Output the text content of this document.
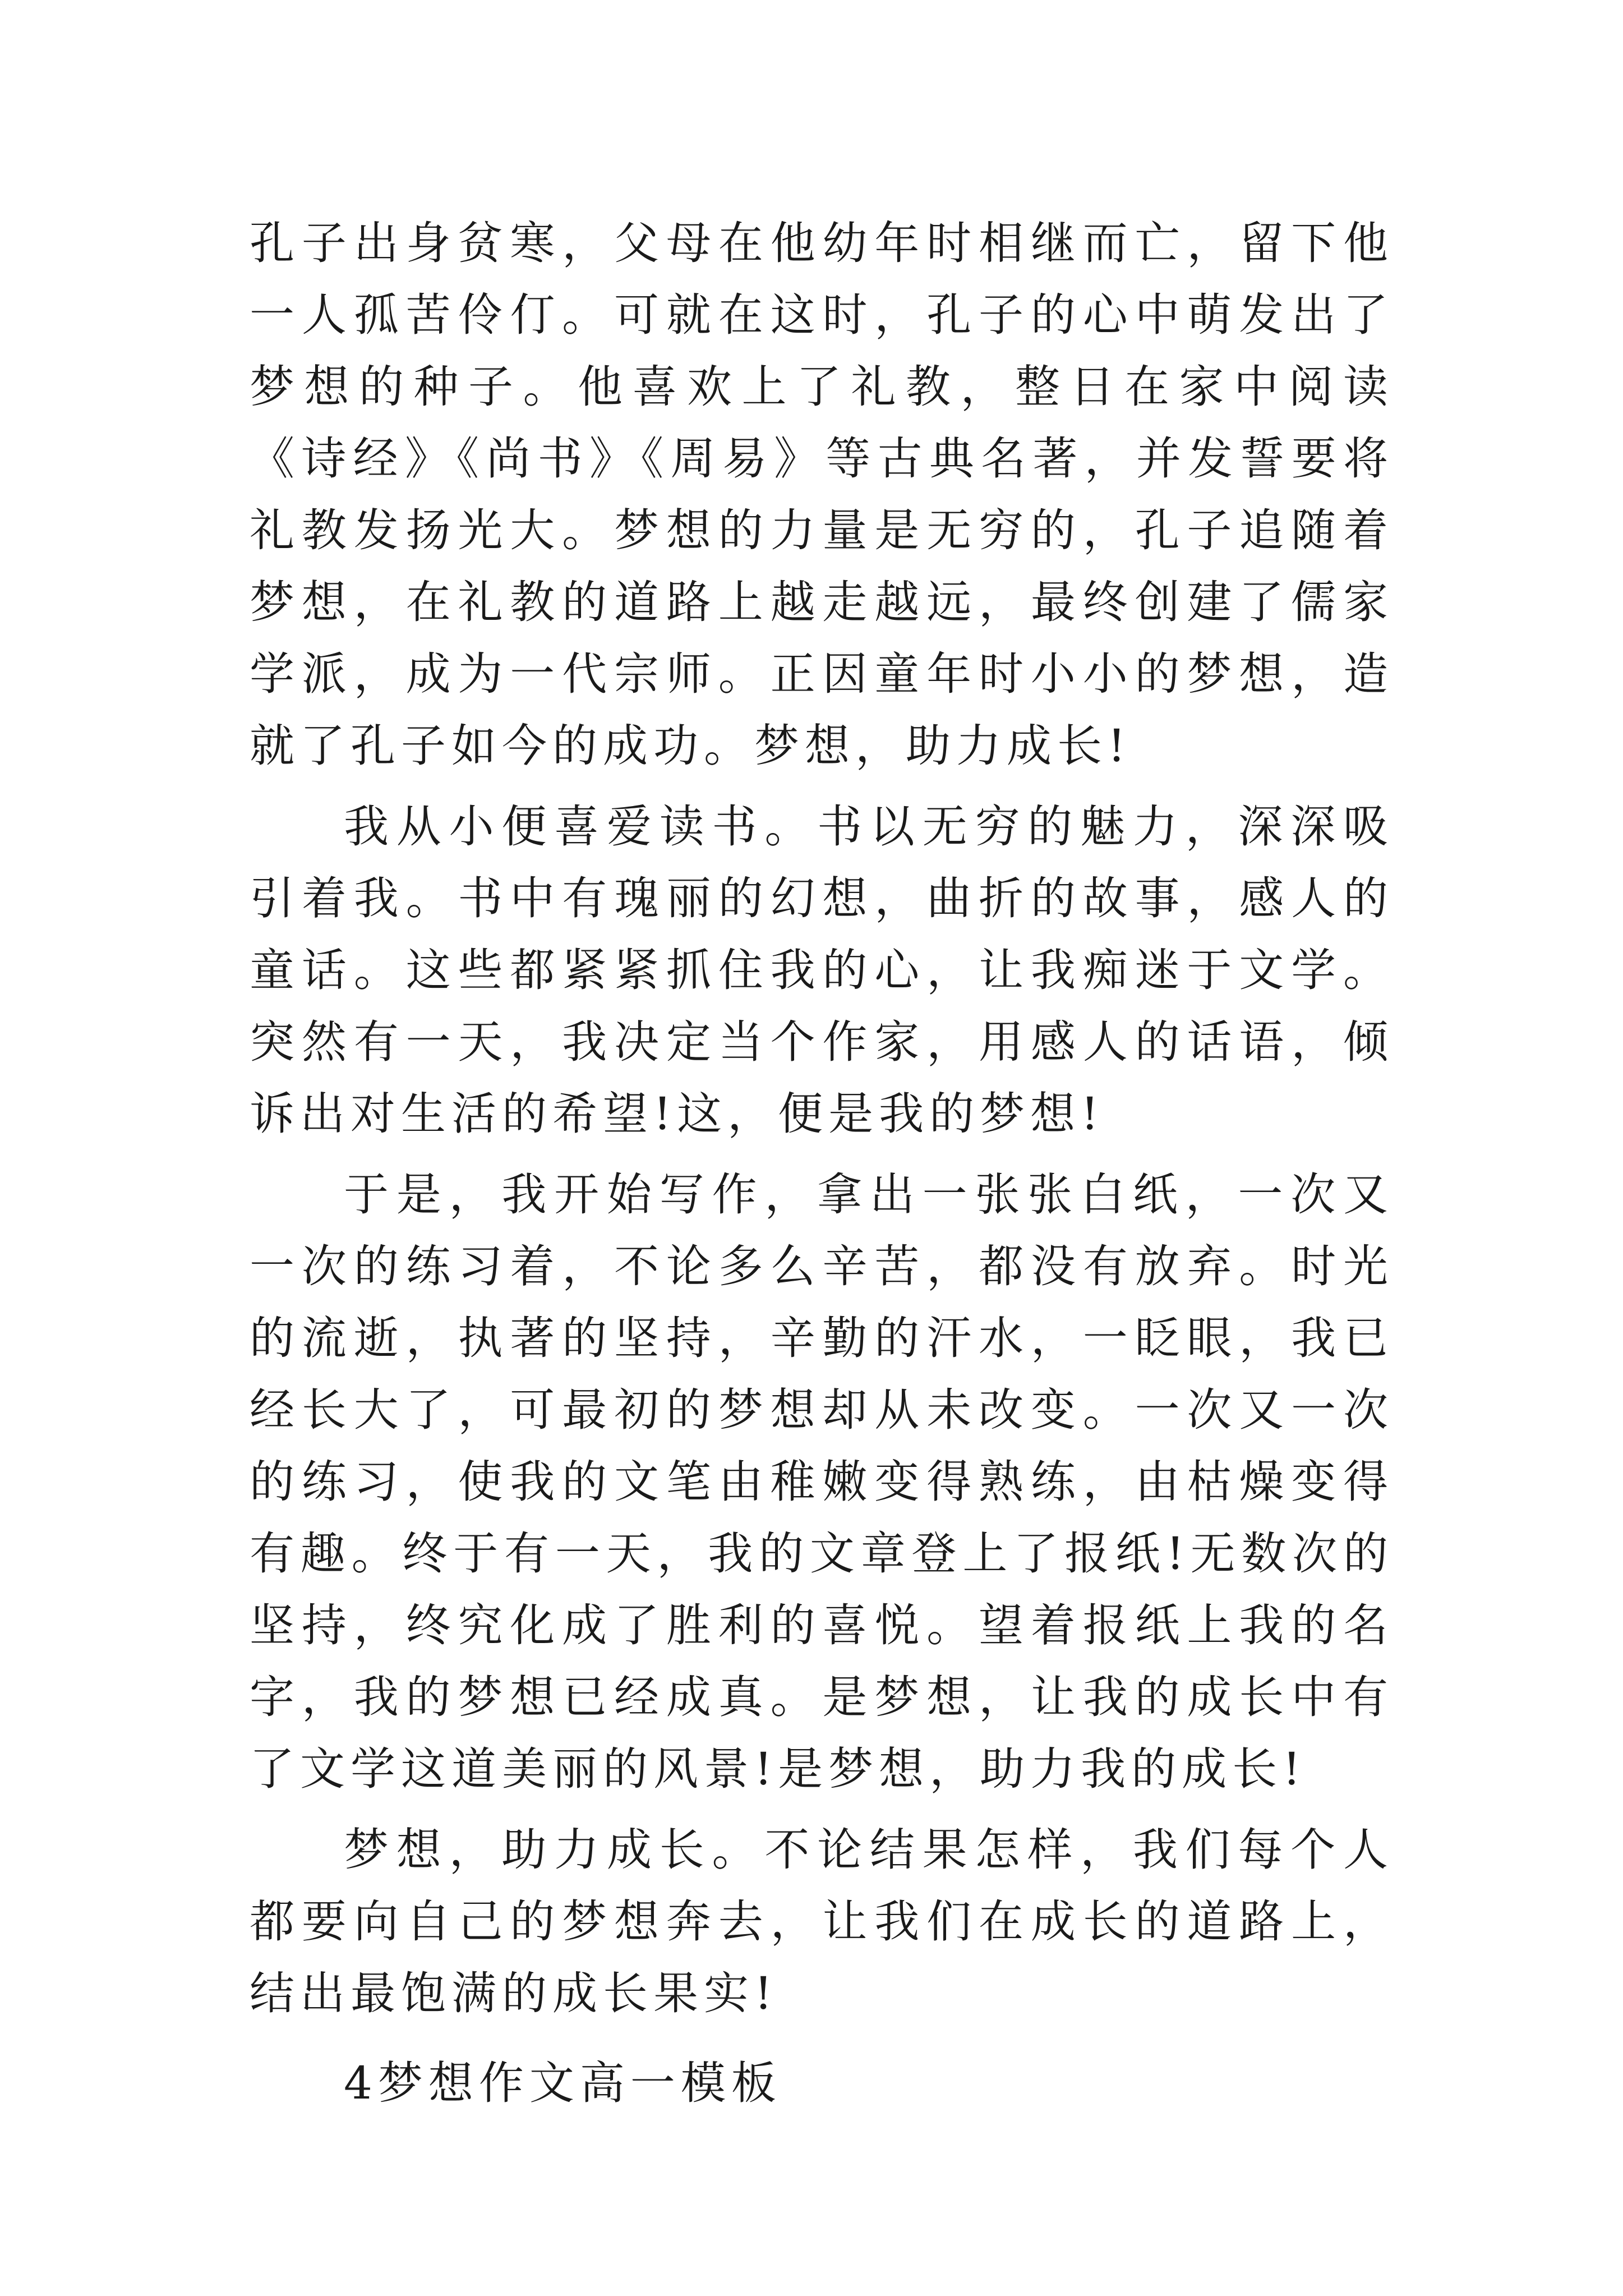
孔子出身贫寒，父母在他幼年时相继而亡，留下他一人孤苦伶仃。可就在这时，孔子的心中萌发出了梦想的种子。他喜欢上了礼教，整日在家中阅读《诗经》《尚书》《周易》等古典名著，并发誓要将礼教发扬光大。梦想的力量是无穷的，孔子追随着梦想，在礼教的道路上越走越远，最终创建了儒家学派，成为一代宗师。正因童年时小小的梦想，造就了孔子如今的成功。梦想，助力成长!

我从小便喜爱读书。书以无穷的魅力，深深吸引着我。书中有瑰丽的幻想，曲折的故事，感人的童话。这些都紧紧抓住我的心，让我痴迷于文学。突然有一天，我决定当个作家，用感人的话语，倾诉出对生活的希望!这，便是我的梦想!

于是，我开始写作，拿出一张张白纸，一次又一次的练习着，不论多么辛苦，都没有放弃。时光的流逝，执著的坚持，辛勤的汗水，一眨眼，我已经长大了，可最初的梦想却从未改变。一次又一次的练习，使我的文笔由稚嫩变得熟练，由枯燥变得有趣。终于有一天，我的文章登上了报纸!无数次的坚持，终究化成了胜利的喜悦。望着报纸上我的名字，我的梦想已经成真。是梦想，让我的成长中有了文学这道美丽的风景!是梦想，助力我的成长!

梦想，助力成长。不论结果怎样，我们每个人都要向自己的梦想奔去，让我们在成长的道路上，结出最饱满的成长果实!

4梦想作文高一模板
